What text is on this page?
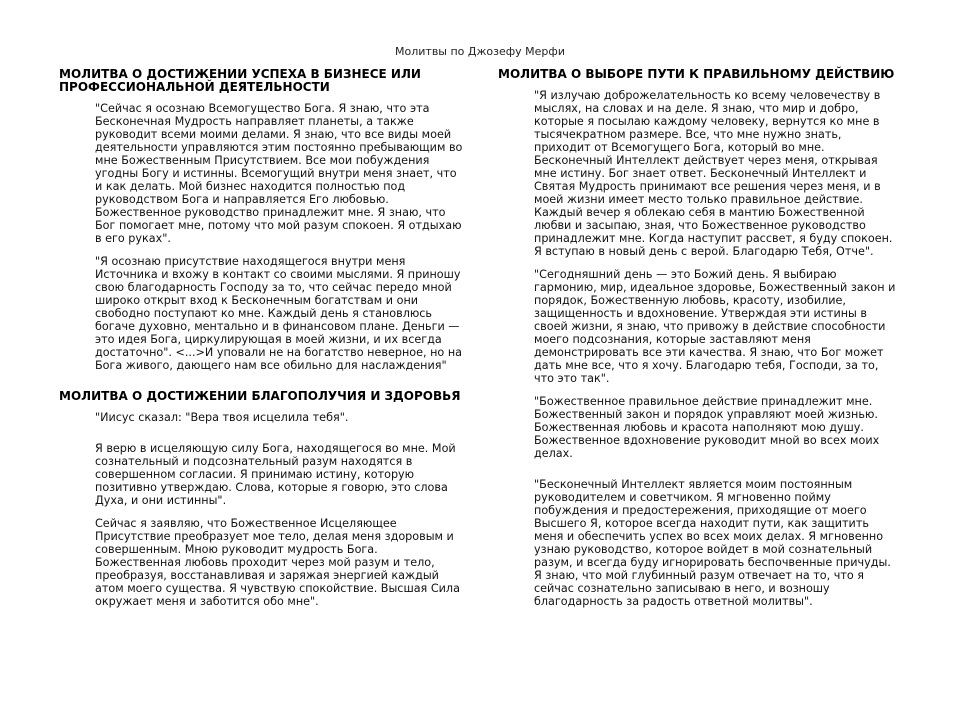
Молитвы по Джозефу Мерфи
МОЛИТВА О ДОСТИЖЕНИИ УСПЕХА В БИЗНЕСЕ ИЛИ ПРОФЕССИОНАЛЬНОЙ ДЕЯТЕЛЬНОСТИ

"Сейчас я осознаю Всемогущество Бога. Я знаю, что эта Бесконечная Мудрость направляет планеты, а также руководит всеми моими делами. Я знаю, что все виды моей деятельности управляются этим постоянно пребывающим во мне Божественным Присутствием. Все мои побуждения угодны Богу и истинны. Всемогущий внутри меня знает, что и как делать. Мой бизнес находится полностью под руководством Бога и направляется Его любовью. Божественное руководство принадлежит мне. Я знаю, что Бог помогает мне, потому что мой разум спокоен. Я отдыхаю в его руках".

"Я осознаю присутствие находящегося внутри меня Источника и вхожу в контакт со своими мыслями. Я приношу свою благодарность Господу за то, что сейчас передо мной широко открыт вход к Бесконечным богатствам и они свободно поступают ко мне. Каждый день я становлюсь богаче духовно, ментально и в финансовом плане. Деньги — это идея Бога, циркулирующая в моей жизни, и их всегда достаточно". <...>И уповали не на богатство неверное, но на Бога живого, дающего нам все обильно для наслаждения"

МОЛИТВА О ДОСТИЖЕНИИ БЛАГОПОЛУЧИЯ И ЗДОРОВЬЯ

"Иисус сказал: "Вера твоя исцелила тебя".

Я верю в исцеляющую силу Бога, находящегося во мне. Мой сознательный и подсознательный разум находятся в совершенном согласии. Я принимаю истину, которую позитивно утверждаю. Слова, которые я говорю, это слова Духа, и они истинны".

Сейчас я заявляю, что Божественное Исцеляющее Присутствие преобразует мое тело, делая меня здоровым и совершенным. Мною руководит мудрость Бога. Божественная любовь проходит через мой разум и тело, преобразуя, восстанавливая и заряжая энергией каждый атом моего существа. Я чувствую спокойствие. Высшая Сила окружает меня и заботится обо мне".

МОЛИТВА О ВЫБОРЕ ПУТИ К ПРАВИЛЬНОМУ ДЕЙСТВИЮ

"Я излучаю доброжелательность ко всему человечеству в мыслях, на словах и на деле. Я знаю, что мир и добро, которые я посылаю каждому человеку, вернутся ко мне в тысячекратном размере. Все, что мне нужно знать, приходит от Всемогущего Бога, который во мне. Бесконечный Интеллект действует через меня, открывая мне истину. Бог знает ответ. Бесконечный Интеллект и Святая Мудрость принимают все решения через меня, и в моей жизни имеет место только правильное действие. Каждый вечер я облекаю себя в мантию Божественной любви и засыпаю, зная, что Божественное руководство принадлежит мне. Когда наступит рассвет, я буду спокоен. Я вступаю в новый день с верой. Благодарю Тебя, Отче".

"Сегодняшний день — это Божий день. Я выбираю гармонию, мир, идеальное здоровье, Божественный закон и порядок, Божественную любовь, красоту, изобилие, защищенность и вдохновение. Утверждая эти истины в своей жизни, я знаю, что привожу в действие способности моего подсознания, которые заставляют меня демонстрировать все эти качества. Я знаю, что Бог может дать мне все, что я хочу. Благодарю тебя, Господи, за то, что это так".

"Божественное правильное действие принадлежит мне. Божественный закон и порядок управляют моей жизнью. Божественная любовь и красота наполняют мою душу. Божественное вдохновение руководит мной во всех моих делах.

"Бесконечный Интеллект является моим постоянным руководителем и советчиком. Я мгновенно пойму побуждения и предостережения, приходящие от моего Высшего Я, которое всегда находит пути, как защитить меня и обеспечить успех во всех моих делах. Я мгновенно узнаю руководство, которое войдет в мой сознательный разум, и всегда буду игнорировать беспочвенные причуды. Я знаю, что мой глубинный разум отвечает на то, что я сейчас сознательно записываю в него, и возношу благодарность за радость ответной молитвы".
